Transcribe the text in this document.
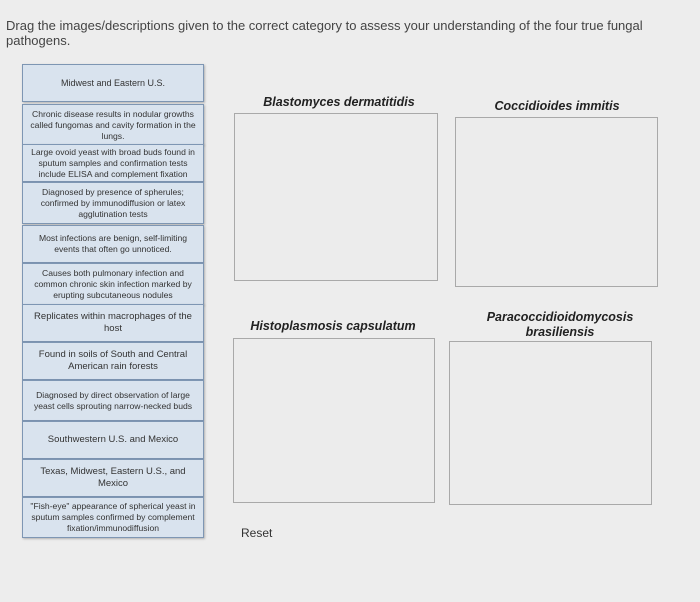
Drag the images/descriptions given to the correct category to assess your understanding of the four true fungal pathogens.
Midwest and Eastern U.S.
Chronic disease results in nodular growths called fungomas and cavity formation in the lungs.
Large ovoid yeast with broad buds found in sputum samples and confirmation tests include ELISA and complement fixation
Diagnosed by presence of spherules; confirmed by immunodiffusion or latex agglutination tests
Most infections are benign, self-limiting events that often go unnoticed.
Causes both pulmonary infection and common chronic skin infection marked by erupting subcutaneous nodules
Replicates within macrophages of the host
Found in soils of South and Central American rain forests
Diagnosed by direct observation of large yeast cells sprouting narrow-necked buds
Southwestern U.S. and Mexico
Texas, Midwest, Eastern U.S., and Mexico
"Fish-eye" appearance of spherical yeast in sputum samples confirmed by complement fixation/immunodiffusion
Blastomyces dermatitidis	Coccidioides immitis
Histoplasmosis capsulatum
Paracoccidioidomycosis brasiliensis
Reset
